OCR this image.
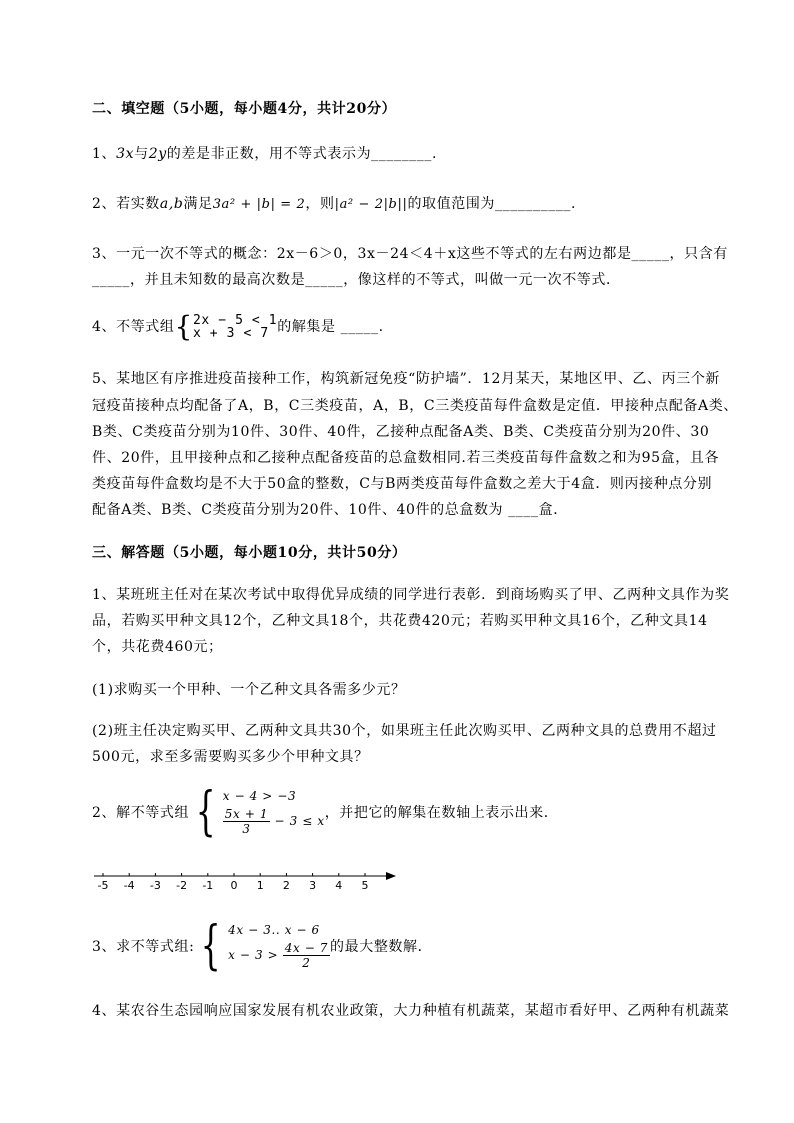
二、填空题（5小题，每小题4分，共计20分）
1、3x与2y的差是非正数，用不等式表示为________.
2、若实数a,b满足3a² + |b| = 2，则|a² − 2|b||的取值范围为__________.
3、一元一次不等式的概念：2x－6＞0，3x－24＜4＋x这些不等式的左右两边都是_____，只含有
_____，并且未知数的最高次数是_____，像这样的不等式，叫做一元一次不等式．
4、不等式组{ 2x − 5 < 1
x + 3 < 7 的解集是 _____.
5、某地区有序推进疫苗接种工作，构筑新冠免疫“防护墙”．12月某天，某地区甲、乙、丙三个新
冠疫苗接种点均配备了A，B，C三类疫苗，A，B，C三类疫苗每件盒数是定值．甲接种点配备A类、
B类、C类疫苗分别为10件、30件、40件，乙接种点配备A类、B类、C类疫苗分别为20件、30
件、20件，且甲接种点和乙接种点配备疫苗的总盒数相同.若三类疫苗每件盒数之和为95盒，且各
类疫苗每件盒数均是不大于50盒的整数，C与B两类疫苗每件盒数之差大于4盒．则丙接种点分别
配备A类、B类、C类疫苗分别为20件、10件、40件的总盒数为 ____盒．
三、解答题（5小题，每小题10分，共计50分）
1、某班班主任对在某次考试中取得优异成绩的同学进行表彰．到商场购买了甲、乙两种文具作为奖
品，若购买甲种文具12个，乙种文具18个，共花费420元；若购买甲种文具16个，乙种文具14
个，共花费460元；
(1)求购买一个甲种、一个乙种文具各需多少元？
(2)班主任决定购买甲、乙两种文具共30个，如果班主任此次购买甲、乙两种文具的总费用不超过
500元，求至多需要购买多少个甲种文具？
2、解不等式组 { x − 4 > −3
$\frac{5x + 1}{3} - 3 \le x$ ，并把它的解集在数轴上表示出来．
-5 -4 -3 -2 -1 0 1 2 3 4 5
3、求不等式组: { 4x − 3.. x − 6
$x - 3 > \frac{4x - 7}{2}$ 的最大整数解．
4、某农谷生态园响应国家发展有机农业政策，大力种植有机蔬菜，某超市看好甲、乙两种有机蔬菜
